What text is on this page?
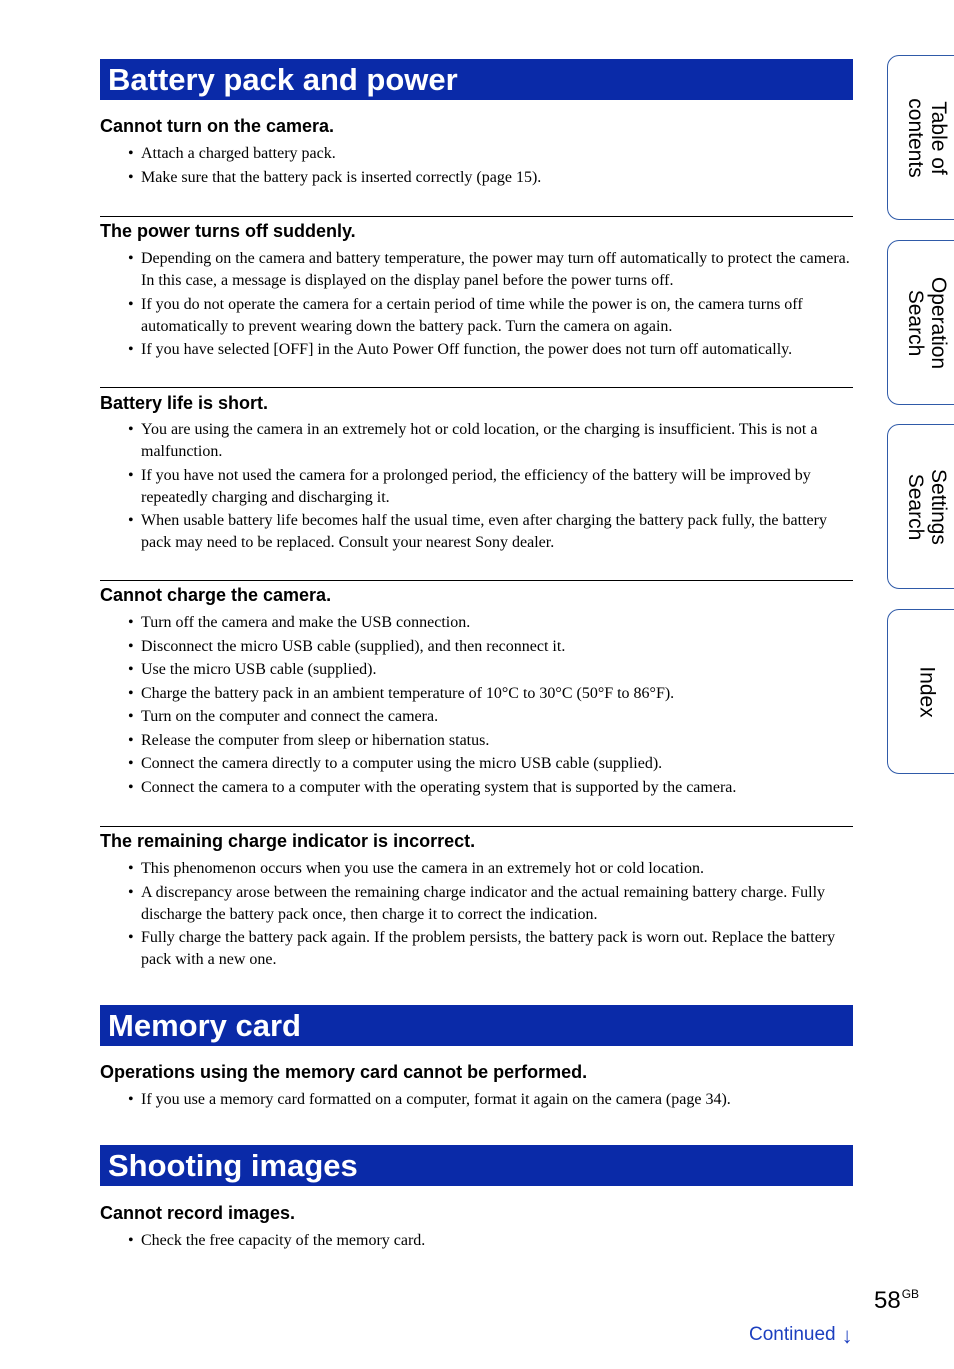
Battery pack and power
Cannot turn on the camera.
• Attach a charged battery pack.
• Make sure that the battery pack is inserted correctly (page 15).
The power turns off suddenly.
• Depending on the camera and battery temperature, the power may turn off automatically to protect the camera. In this case, a message is displayed on the display panel before the power turns off.
• If you do not operate the camera for a certain period of time while the power is on, the camera turns off automatically to prevent wearing down the battery pack. Turn the camera on again.
• If you have selected [OFF] in the Auto Power Off function, the power does not turn off automatically.
Battery life is short.
• You are using the camera in an extremely hot or cold location, or the charging is insufficient. This is not a malfunction.
• If you have not used the camera for a prolonged period, the efficiency of the battery will be improved by repeatedly charging and discharging it.
• When usable battery life becomes half the usual time, even after charging the battery pack fully, the battery pack may need to be replaced. Consult your nearest Sony dealer.
Cannot charge the camera.
• Turn off the camera and make the USB connection.
• Disconnect the micro USB cable (supplied), and then reconnect it.
• Use the micro USB cable (supplied).
• Charge the battery pack in an ambient temperature of 10°C to 30°C (50°F to 86°F).
• Turn on the computer and connect the camera.
• Release the computer from sleep or hibernation status.
• Connect the camera directly to a computer using the micro USB cable (supplied).
• Connect the camera to a computer with the operating system that is supported by the camera.
The remaining charge indicator is incorrect.
• This phenomenon occurs when you use the camera in an extremely hot or cold location.
• A discrepancy arose between the remaining charge indicator and the actual remaining battery charge. Fully discharge the battery pack once, then charge it to correct the indication.
• Fully charge the battery pack again. If the problem persists, the battery pack is worn out. Replace the battery pack with a new one.
Memory card
Operations using the memory card cannot be performed.
• If you use a memory card formatted on a computer, format it again on the camera (page 34).
Shooting images
Cannot record images.
• Check the free capacity of the memory card.
Table of
contents
Operation
Search
Settings
Search
Index
$58^{GB}$
Continued ↓
